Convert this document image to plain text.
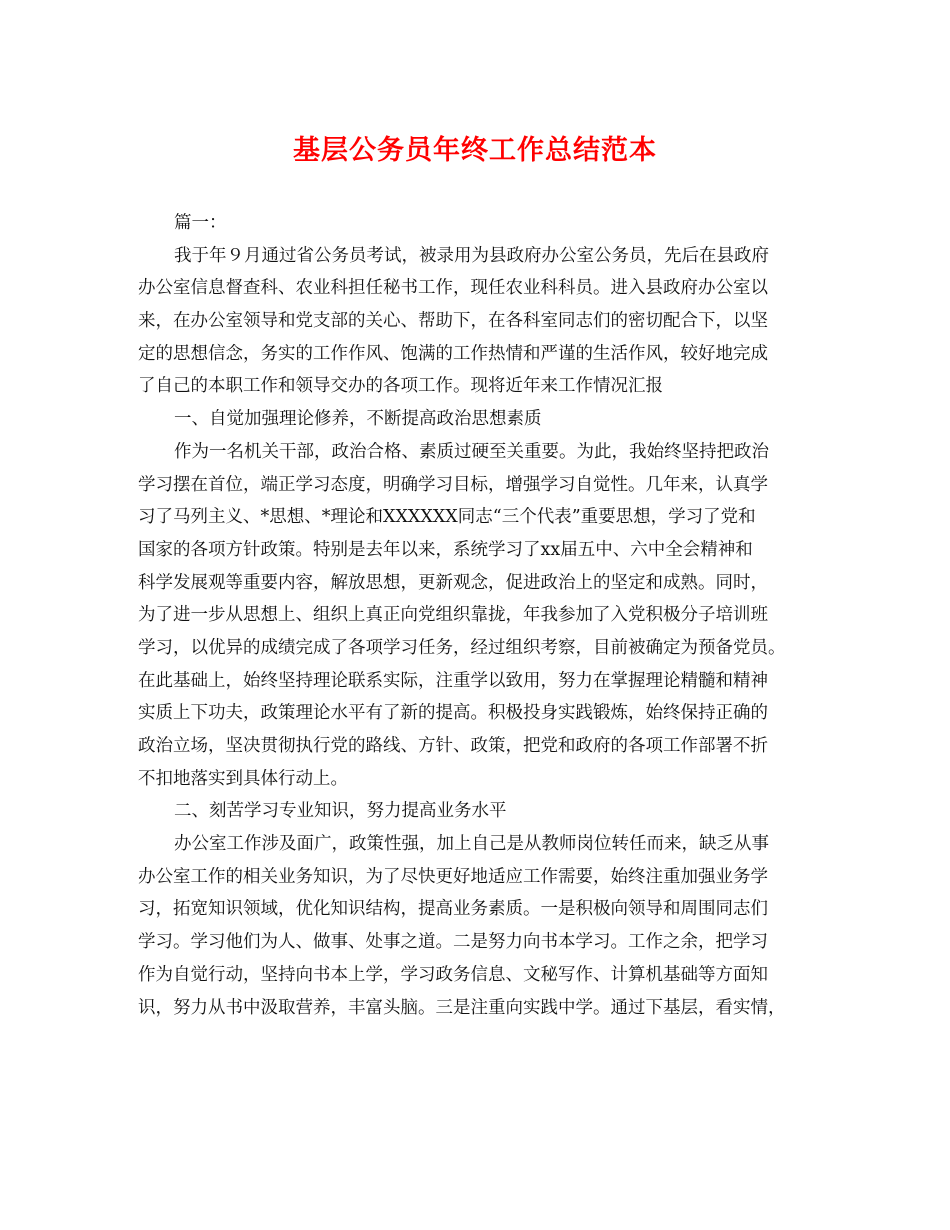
基层公务员年终工作总结范本
篇一：
我于年９月通过省公务员考试，被录用为县政府办公室公务员，先后在县政府
办公室信息督查科、农业科担任秘书工作，现任农业科科员。进入县政府办公室以
来，在办公室领导和党支部的关心、帮助下，在各科室同志们的密切配合下，以坚
定的思想信念，务实的工作作风、饱满的工作热情和严谨的生活作风，较好地完成
了自己的本职工作和领导交办的各项工作。现将近年来工作情况汇报
一、自觉加强理论修养，不断提高政治思想素质
作为一名机关干部，政治合格、素质过硬至关重要。为此，我始终坚持把政治
学习摆在首位，端正学习态度，明确学习目标，增强学习自觉性。几年来，认真学
习了马列主义、*思想、*理论和XXXXXX同志“三个代表”重要思想，学习了党和
国家的各项方针政策。特别是去年以来，系统学习了xx届五中、六中全会精神和
科学发展观等重要内容，解放思想，更新观念，促进政治上的坚定和成熟。同时，
为了进一步从思想上、组织上真正向党组织靠拢，年我参加了入党积极分子培训班
学习，以优异的成绩完成了各项学习任务，经过组织考察，目前被确定为预备党员。
在此基础上，始终坚持理论联系实际，注重学以致用，努力在掌握理论精髓和精神
实质上下功夫，政策理论水平有了新的提高。积极投身实践锻炼，始终保持正确的
政治立场，坚决贯彻执行党的路线、方针、政策，把党和政府的各项工作部署不折
不扣地落实到具体行动上。
二、刻苦学习专业知识，努力提高业务水平
办公室工作涉及面广，政策性强，加上自己是从教师岗位转任而来，缺乏从事
办公室工作的相关业务知识，为了尽快更好地适应工作需要，始终注重加强业务学
习，拓宽知识领域，优化知识结构，提高业务素质。一是积极向领导和周围同志们
学习。学习他们为人、做事、处事之道。二是努力向书本学习。工作之余，把学习
作为自觉行动，坚持向书本上学，学习政务信息、文秘写作、计算机基础等方面知
识，努力从书中汲取营养，丰富头脑。三是注重向实践中学。通过下基层，看实情，
